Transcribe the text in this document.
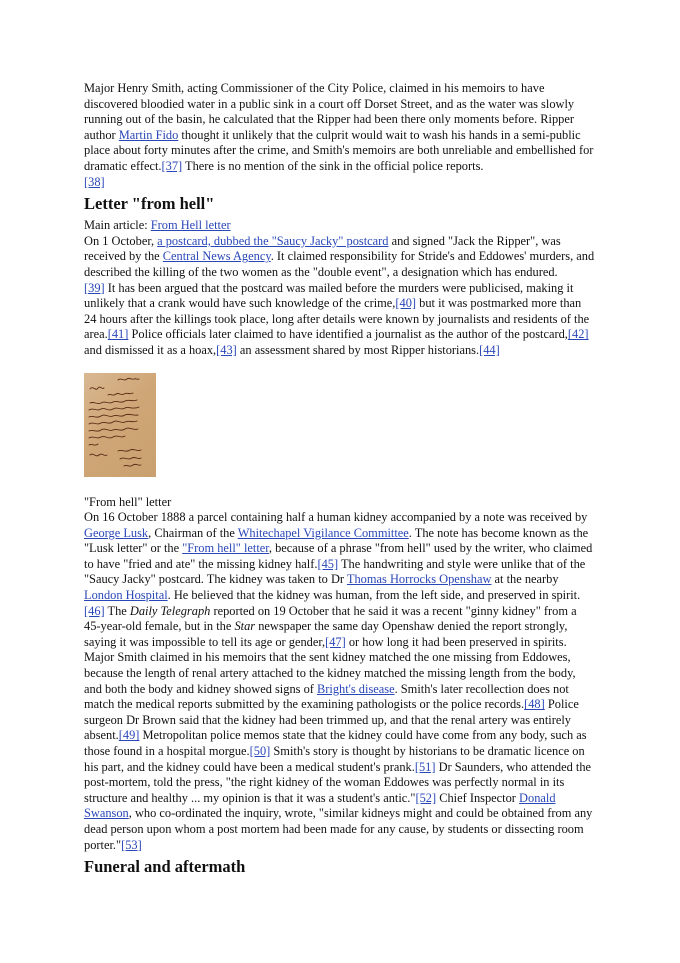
Major Henry Smith, acting Commissioner of the City Police, claimed in his memoirs to have discovered bloodied water in a public sink in a court off Dorset Street, and as the water was slowly running out of the basin, he calculated that the Ripper had been there only moments before. Ripper author Martin Fido thought it unlikely that the culprit would wait to wash his hands in a semi-public place about forty minutes after the crime, and Smith's memoirs are both unreliable and embellished for dramatic effect.[37] There is no mention of the sink in the official police reports.
[38]

Letter "from hell"

Main article: From Hell letter

On 1 October, a postcard, dubbed the "Saucy Jacky" postcard and signed "Jack the Ripper", was received by the Central News Agency. It claimed responsibility for Stride's and Eddowes' murders, and described the killing of the two women as the "double event", a designation which has endured.
[39] It has been argued that the postcard was mailed before the murders were publicised, making it unlikely that a crank would have such knowledge of the crime,[40] but it was postmarked more than 24 hours after the killings took place, long after details were known by journalists and residents of the area.[41] Police officials later claimed to have identified a journalist as the author of the postcard,[42] and dismissed it as a hoax,[43] an assessment shared by most Ripper historians.[44]

"From hell" letter

On 16 October 1888 a parcel containing half a human kidney accompanied by a note was received by George Lusk, Chairman of the Whitechapel Vigilance Committee. The note has become known as the "Lusk letter" or the "From hell" letter, because of a phrase "from hell" used by the writer, who claimed to have "fried and ate" the missing kidney half.[45] The handwriting and style were unlike that of the "Saucy Jacky" postcard. The kidney was taken to Dr Thomas Horrocks Openshaw at the nearby London Hospital. He believed that the kidney was human, from the left side, and preserved in spirit.[46] The Daily Telegraph reported on 19 October that he said it was a recent "ginny kidney" from a 45-year-old female, but in the Star newspaper the same day Openshaw denied the report strongly, saying it was impossible to tell its age or gender,[47] or how long it had been preserved in spirits. Major Smith claimed in his memoirs that the sent kidney matched the one missing from Eddowes, because the length of renal artery attached to the kidney matched the missing length from the body, and both the body and kidney showed signs of Bright's disease. Smith's later recollection does not match the medical reports submitted by the examining pathologists or the police records.[48] Police surgeon Dr Brown said that the kidney had been trimmed up, and that the renal artery was entirely absent.[49] Metropolitan police memos state that the kidney could have come from any body, such as those found in a hospital morgue.[50] Smith's story is thought by historians to be dramatic licence on his part, and the kidney could have been a medical student's prank.[51] Dr Saunders, who attended the post-mortem, told the press, "the right kidney of the woman Eddowes was perfectly normal in its structure and healthy ... my opinion is that it was a student's antic."[52] Chief Inspector Donald Swanson, who co-ordinated the inquiry, wrote, "similar kidneys might and could be obtained from any dead person upon whom a post mortem had been made for any cause, by students or dissecting room porter."[53]

Funeral and aftermath
